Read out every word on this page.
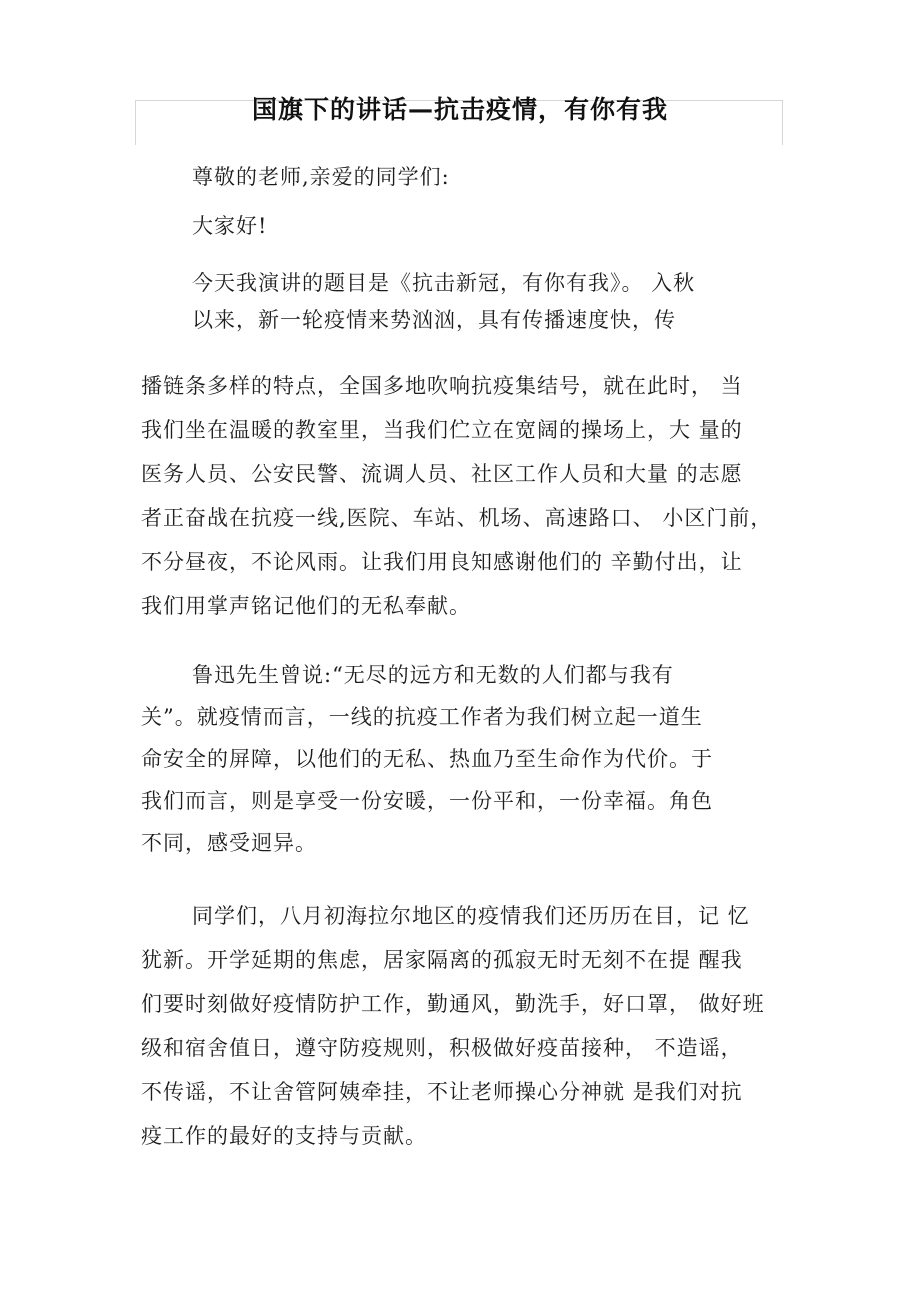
国旗下的讲话—抗击疫情，有你有我
尊敬的老师,亲爱的同学们:
大家好!
今天我演讲的题目是《抗击新冠，有你有我》。 入秋
以来，新一轮疫情来势汹汹，具有传播速度快，传
播链条多样的特点，全国多地吹响抗疫集结号，就在此时， 当
我们坐在温暖的教室里，当我们伫立在宽阔的操场上，大 量的
医务人员、公安民警、流调人员、社区工作人员和大量 的志愿
者正奋战在抗疫一线,医院、车站、机场、高速路口、 小区门前，
不分昼夜，不论风雨。让我们用良知感谢他们的 辛勤付出，让
我们用掌声铭记他们的无私奉献。
鲁迅先生曾说:“无尽的远方和无数的人们都与我有
关”。就疫情而言，一线的抗疫工作者为我们树立起一道生
命安全的屏障，以他们的无私、热血乃至生命作为代价。于
我们而言，则是享受一份安暖，一份平和，一份幸福。角色
不同，感受迥异。
同学们，八月初海拉尔地区的疫情我们还历历在目，记 忆
犹新。开学延期的焦虑，居家隔离的孤寂无时无刻不在提 醒我
们要时刻做好疫情防护工作，勤通风，勤洗手，好口罩， 做好班
级和宿舍值日，遵守防疫规则，积极做好疫苗接种， 不造谣，
不传谣，不让舍管阿姨牵挂，不让老师操心分神就 是我们对抗
疫工作的最好的支持与贡献。
